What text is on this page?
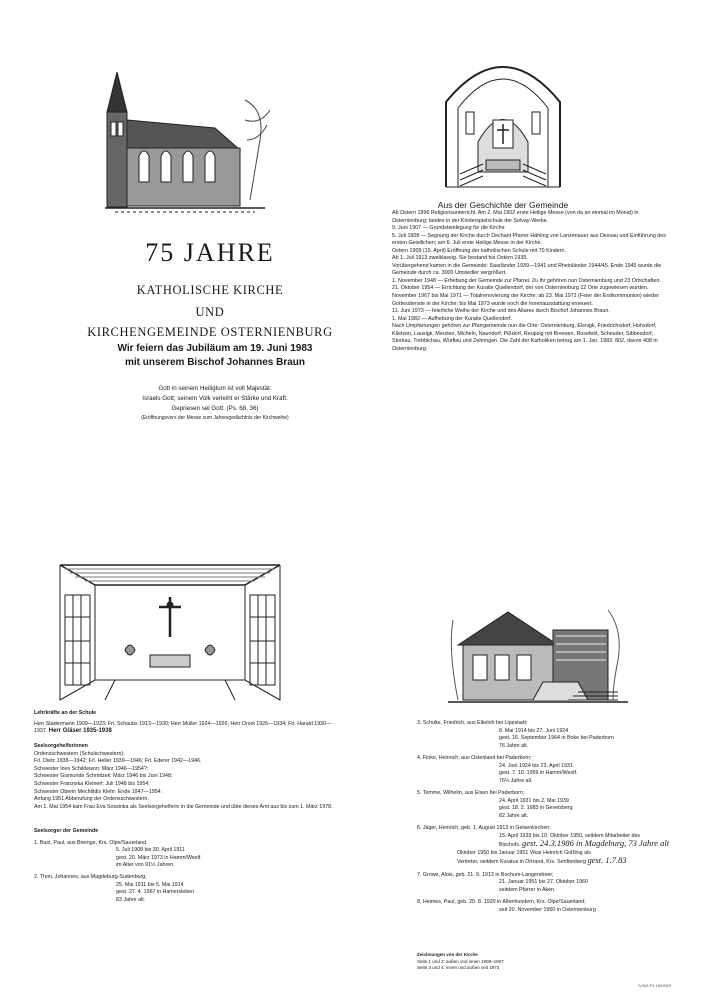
75 JAHRE
KATHOLISCHE KIRCHE
UND
KIRCHENGEMEINDE OSTERNIENBURG
Wir feiern das Jubiläum am 19. Juni 1983
mit unserem Bischof Johannes Braun
Gott in seinem Heiligtum ist voll Majestät.
Israels Gott; seinem Volk verleiht er Stärke und Kraft.
Gepriesen sei Gott. (Ps. 68, 36)
(Eröffnungsvers der Messe zum Jahresgedächtnis der Kirchweihe)
Aus der Geschichte der Gemeinde

Ab Ostern 1896 Religionsunterricht. Am 2. Mai 1902 erste Heilige Messe (von da an einmal im Monat) in Osternienburg; beides in der Kinderspielschule der Solvay-Werke.

9. Juni 1907 — Grundsteinlegung für die Kirche

5. Juli 1908 — Segnung der Kirche durch Dechant Pfarrer Hähling von Lanzenauer aus Dessau und Einführung des ersten Geistlichen; am 6. Juli erste Heilige Messe in der Kirche.

Ostern 1909 (19. April) Eröffnung der katholischen Schule mit 70 Kindern.

Ab 1. Juli 1913 zweiklassig. Sie bestand bis Ostern 1939.

Vorübergehend kamen in die Gemeinde: Saarländer 1939—1941 und Rheinländer 1944/45. Ende 1945 wurde die Gemeinde durch ca. 3000 Umsiedler vergrößert.

1. November 1948 — Erhebung der Gemeinde zur Pfarrei. Zu ihr gehören nun Osternienburg und 23 Ortschaften.

21. Oktober 1954 — Errichtung der Kuratie Quellendorf, der von Osternienburg 12 Orte zugewiesen wurden.

November 1967 bis Mai 1971 — Totalrenovierung der Kirche; ab 23. Mai 1971 (Feier der Erstkommunion) wieder Gottesdienste in der Kirche; bis Mai 1973 wurde noch die Innenausstattung erneuert.

11. Juni 1973 — feierliche Weihe der Kirche und des Altares durch Bischof Johannes Braun.

1. Mai 1982 — Aufhebung der Kuratie Quellendorf.

Nach Umpfarrungen gehören zur Pfarrgemeinde nun die Orte: Osternienburg, Elsnigk, Friedrichsdorf, Hohsdorf, Klietzen, Lausigk, Merzien, Micheln, Naundorf, Pißdorf, Reupzig mit Breesen, Rosefeld, Scheuder, Sibbesdorf, Storkau, Trebbichau, Würflau und Zehringen. Die Zahl der Katholiken betrug am 1. Jan. 1983: 802, davon 408 in Osternienburg.

Lehrkräfte an der Schule

Herr Stadermann 1909—1923; Frl. Schaubs 1913—1930; Herr Müller 1924—1926; Herr Drost 1926—1934; Frl. Harald 1930—1937. Herr Gläser 1935-1938

Seelsorgehelferinnen

Ordensschwestern (Schulschwestern):

Frl. Dietz 1938—1942; Frl. Heller 1939—1946; Frl. Ederer 1942—1946.

Schwester Ines Schildewon: März 1946—1954?;

Schwester Gismunde Schmitzek: März 1946 bis Juni 1948;

Schwester Franziska Kleinert: Juli 1948 bis 1954;

Schwester Oberin Mechtildis Klehr: Ende 1947—1954.

Anfang 1951 Abberufung der Ordensschwestern.

Am 1. Mai 1954 kam Frau Eva Sossinka als Seelsorgehelferin in die Gemeinde und übte dieses Amt aus bis zum 1. März 1978.

Seelsorger der Gemeinde

1. Bast, Paul, aus Bremge, Krs. Olpe/Sauerland

5. Juli 1908 bis 30. April 1911

gest. 20. März 1973 in Hamm/Westf.

im Alter von 91½ Jahren.

2. Thon, Johannes, aus Magdeburg-Sudenburg;

25. Mai 1911 bis 5. Mai 1914

gest. 27. 4. 1967 in Hamersleben

83 Jahre alt.

3. Schulte, Friedrich, aus Elkeloh bei Lippstadt;

8. Mai 1914 bis 27. Juni 1924

gest. 16. September 1964 in Boke bei Paderborn

76 Jahre alt.

4. Finke, Heinrich, aus Ostenland bei Paderborn;

24. Juni 1924 bis 23. April 1931

gest. 7. 10. 1959 in Hamm/Westf.

76½ Jahre alt.

5. Temme, Wilhelm, aus Elsen bei Paderborn;

24. April 1931 bis 2. Mai 1939

gest. 18. 2. 1983 in Gevelsberg

82 Jahre alt.

6. Jäger, Heinrich, geb. 1. August 1913 in Gelsenkirchen;

15. April 1939 bis 10. Oktober 1950, seitdem Mitarbeiter des

Bischofs. gest. 24.3.1986 in Magdeburg, 73 Jahre alt

Oktober 1950 bis Januar 1951 Vikar Heinrich Goßling als

Vertreter, seitdem Kuratus in Ortrand, Krs. Senftenberg gest. 1.7.83

7. Growe, Alois, geb. 21. 9. 1913 in Bochum-Langendreer;

21. Januar 1951 bis 27. Oktober 1960

seitdem Pfarrer in Aken.

8. Heimes, Paul, geb. 20. 8. 1920 in Altenhundem, Krs. Olpe/Sauerland;

seit 20. November 1960 in Osternienburg

Zeichnungen von der Kirche
Seite 1 und 2: außen und innen 1908–1967
Seite 3 und 4: innen und außen seit 1973
IV/5/8 P1 189/83/5
